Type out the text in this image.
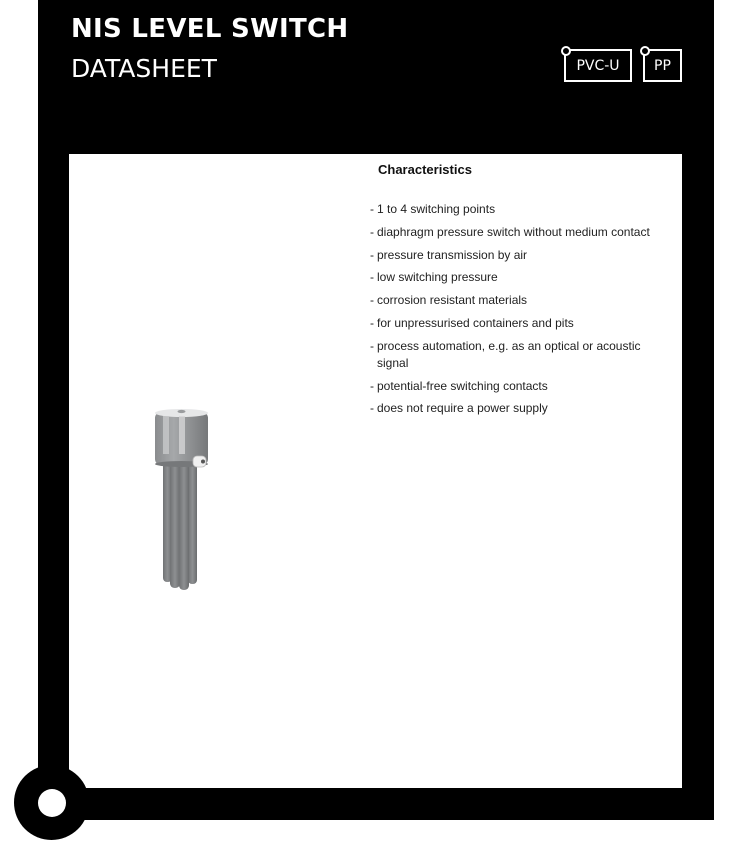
NIS LEVEL SWITCH
DATASHEET	PVC-U PP
Characteristics
- 1 to 4 switching points
- diaphragm pressure switch without medium contact
- pressure transmission by air
- low switching pressure
- corrosion resistant materials
- for unpressurised containers and pits
- process automation, e.g. as an optical or acoustic signal
- potential-free switching contacts
- does not require a power supply
